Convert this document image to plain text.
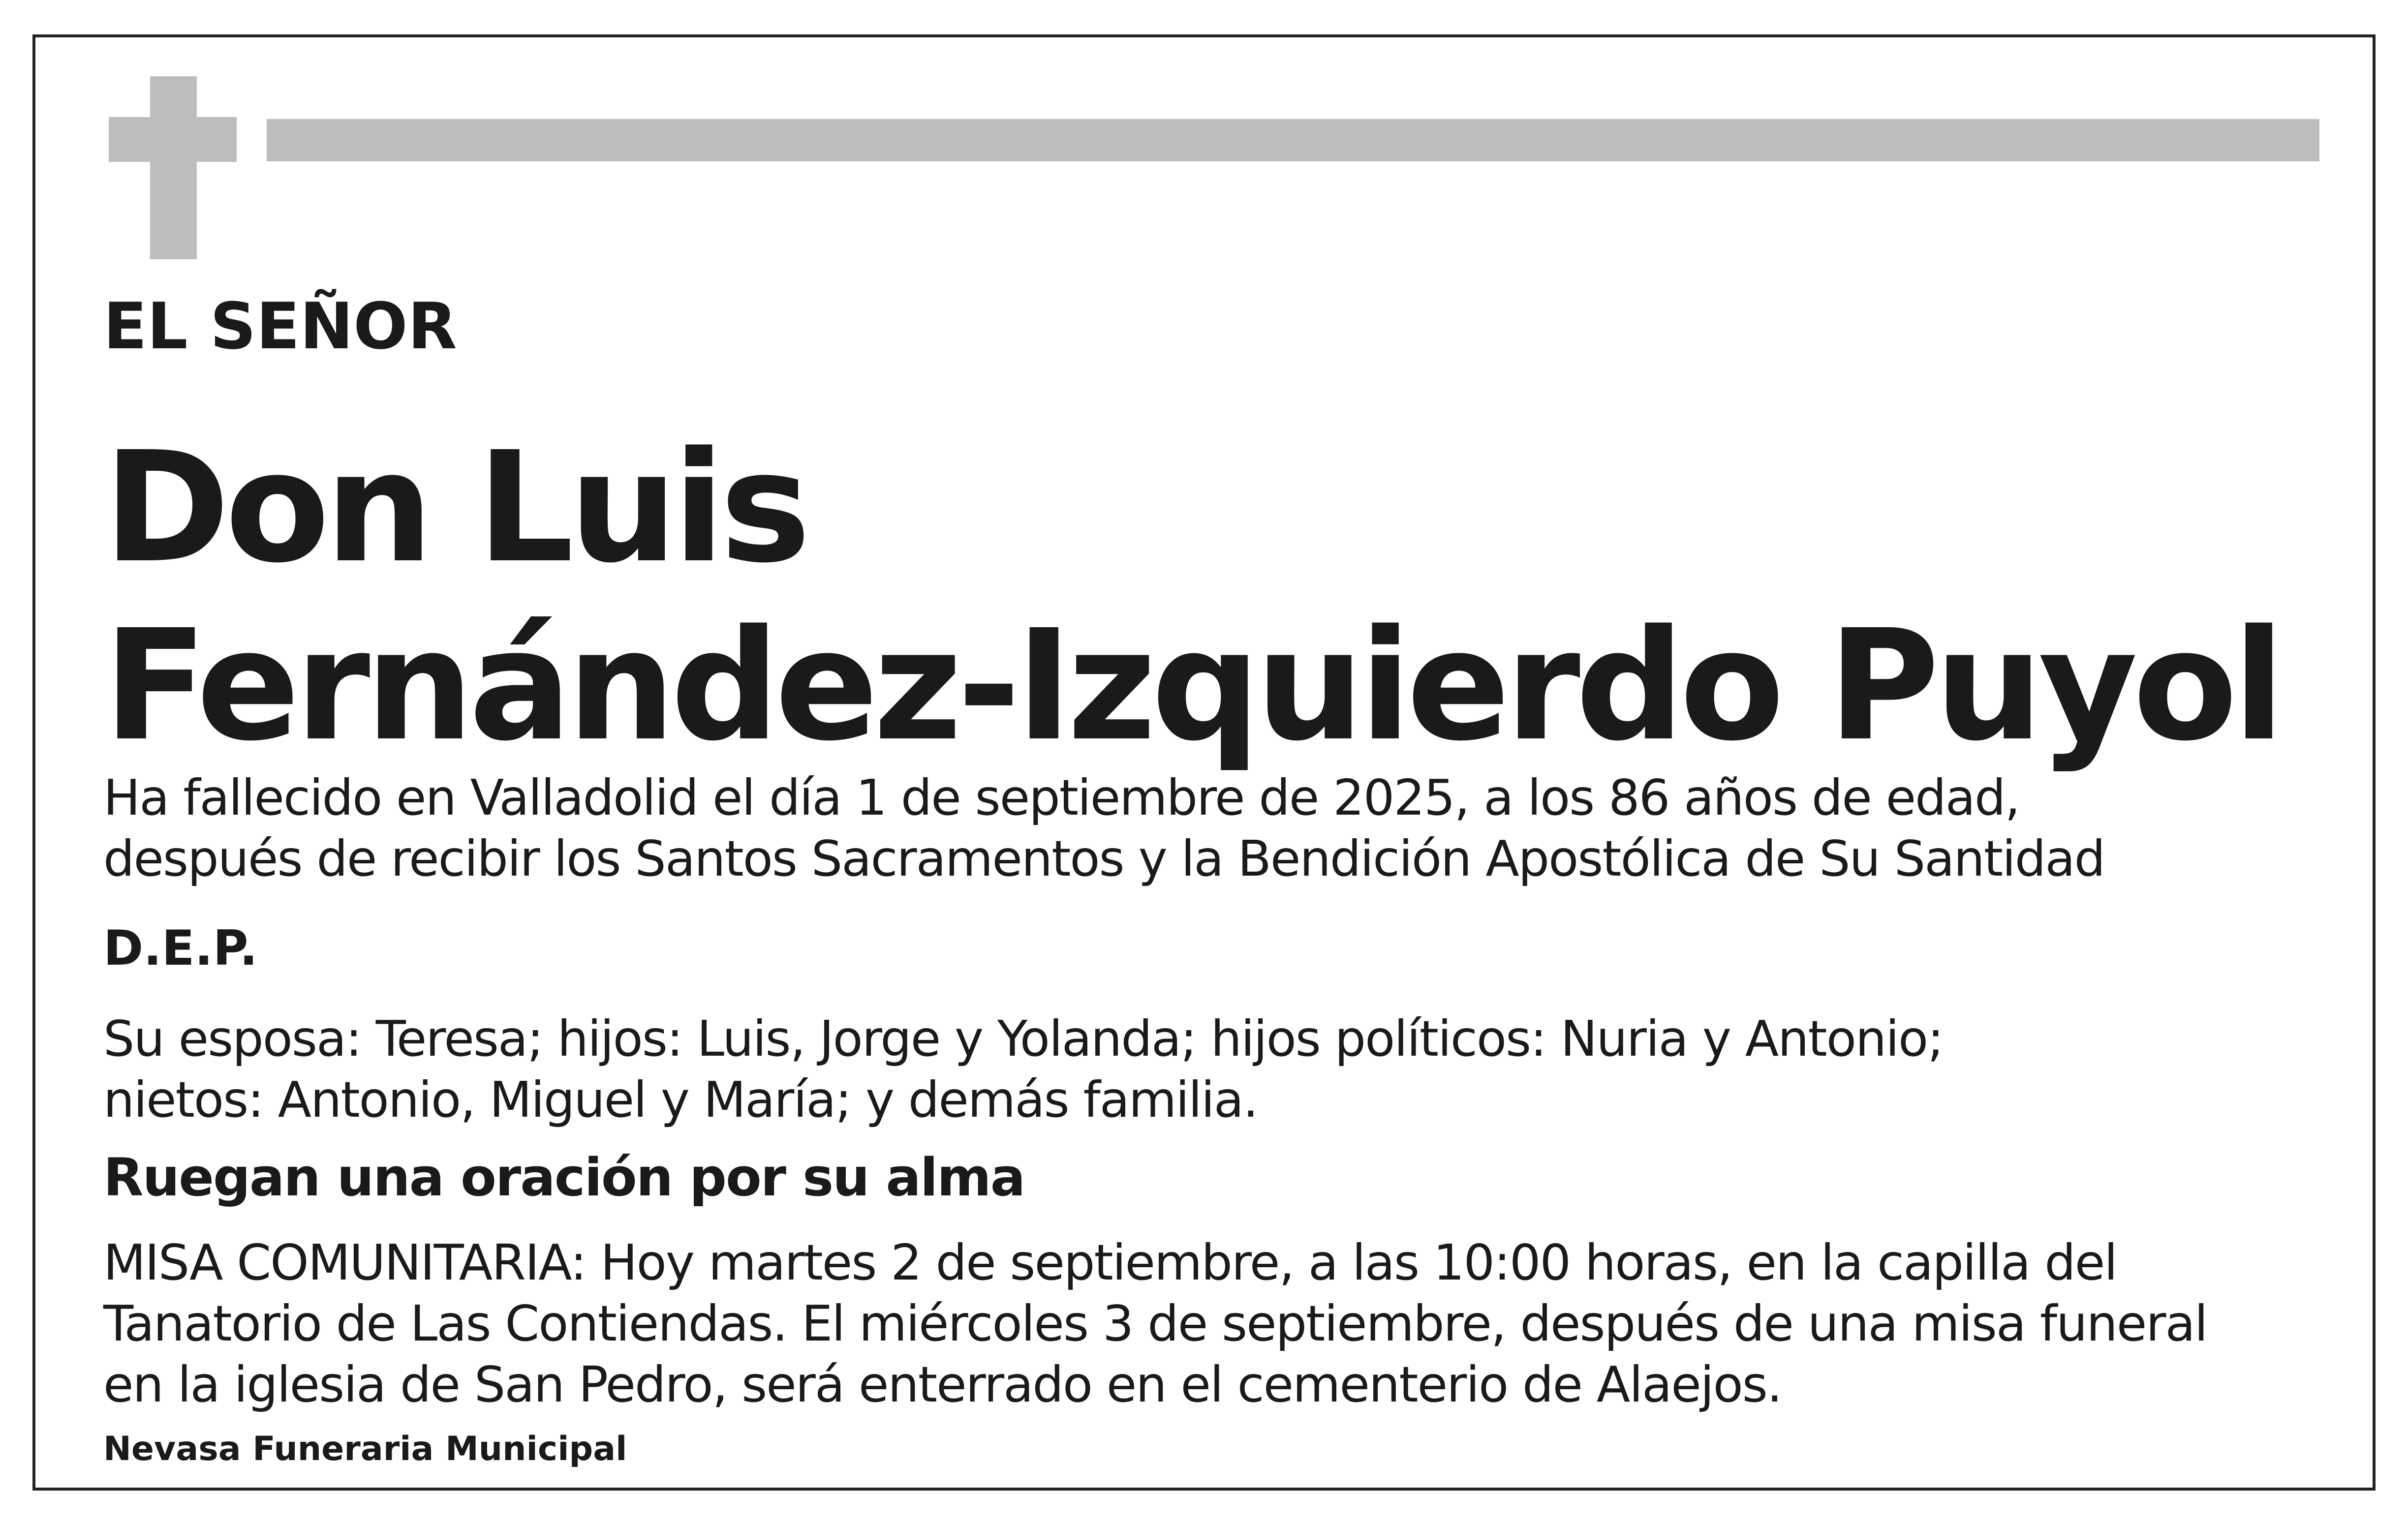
EL SEÑOR

Don Luis
Fernández-Izquierdo Puyol

Ha fallecido en Valladolid el día 1 de septiembre de 2025, a los 86 años de edad,
después de recibir los Santos Sacramentos y la Bendición Apostólica de Su Santidad

D.E.P.

Su esposa: Teresa; hijos: Luis, Jorge y Yolanda; hijos políticos: Nuria y Antonio;
nietos: Antonio, Miguel y María; y demás familia.

Ruegan una oración por su alma

MISA COMUNITARIA: Hoy martes 2 de septiembre, a las 10:00 horas, en la capilla del
Tanatorio de Las Contiendas. El miércoles 3 de septiembre, después de una misa funeral
en la iglesia de San Pedro, será enterrado en el cementerio de Alaejos.

Nevasa Funeraria Municipal
